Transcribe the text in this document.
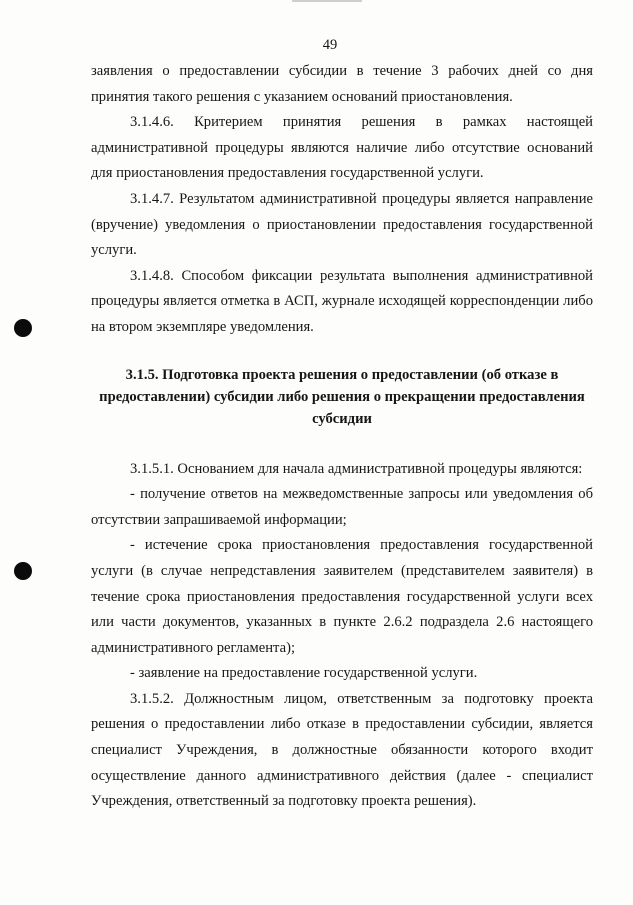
49

заявления о предоставлении субсидии в течение 3 рабочих дней со дня принятия такого решения с указанием оснований приостановления.

3.1.4.6. Критерием принятия решения в рамках настоящей административной процедуры являются наличие либо отсутствие оснований для приостановления предоставления государственной услуги.

3.1.4.7. Результатом административной процедуры является направление (вручение) уведомления о приостановлении предоставления государственной услуги.

3.1.4.8. Способом фиксации результата выполнения административной процедуры является отметка в АСП, журнале исходящей корреспонденции либо на втором экземпляре уведомления.

3.1.5. Подготовка проекта решения о предоставлении (об отказе в предоставлении) субсидии либо решения о прекращении предоставления субсидии

3.1.5.1. Основанием для начала административной процедуры являются:

- получение ответов на межведомственные запросы или уведомления об отсутствии запрашиваемой информации;

- истечение срока приостановления предоставления государственной услуги (в случае непредставления заявителем (представителем заявителя) в течение срока приостановления предоставления государственной услуги всех или части документов, указанных в пункте 2.6.2 подраздела 2.6 настоящего административного регламента);

- заявление на предоставление государственной услуги.

3.1.5.2. Должностным лицом, ответственным за подготовку проекта решения о предоставлении либо отказе в предоставлении субсидии, является специалист Учреждения, в должностные обязанности которого входит осуществление данного административного действия (далее - специалист Учреждения, ответственный за подготовку проекта решения).
